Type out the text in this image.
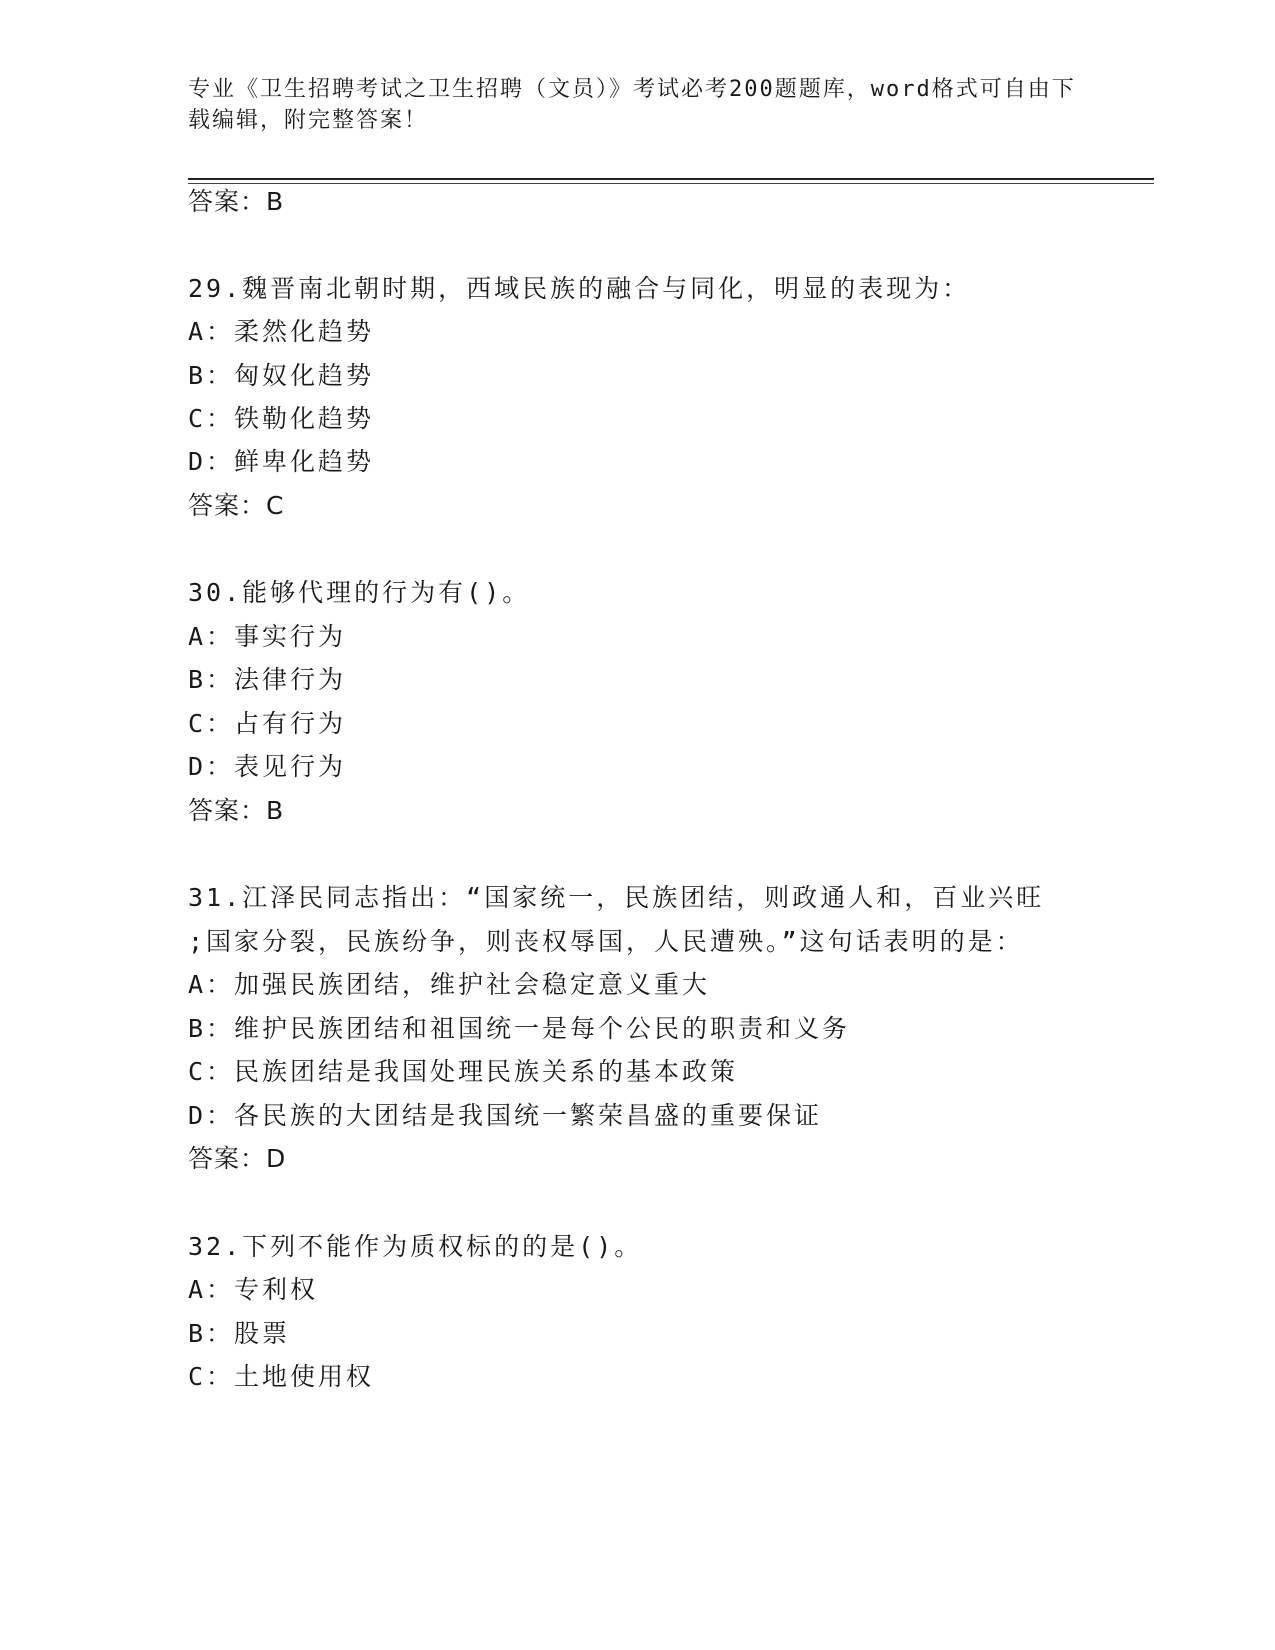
专业《卫生招聘考试之卫生招聘（文员）》考试必考200题题库，word格式可自由下载编辑，附完整答案！
答案：B
29.魏晋南北朝时期，西域民族的融合与同化，明显的表现为：
A：柔然化趋势
B：匈奴化趋势
C：铁勒化趋势
D：鲜卑化趋势
答案：C
30.能够代理的行为有()。
A：事实行为
B：法律行为
C：占有行为
D：表见行为
答案：B
31.江泽民同志指出：“国家统一，民族团结，则政通人和，百业兴旺
;国家分裂，民族纷争，则丧权辱国，人民遭殃。”这句话表明的是：
A：加强民族团结，维护社会稳定意义重大
B：维护民族团结和祖国统一是每个公民的职责和义务
C：民族团结是我国处理民族关系的基本政策
D：各民族的大团结是我国统一繁荣昌盛的重要保证
答案：D
32.下列不能作为质权标的的是()。
A：专利权
B：股票
C：土地使用权
